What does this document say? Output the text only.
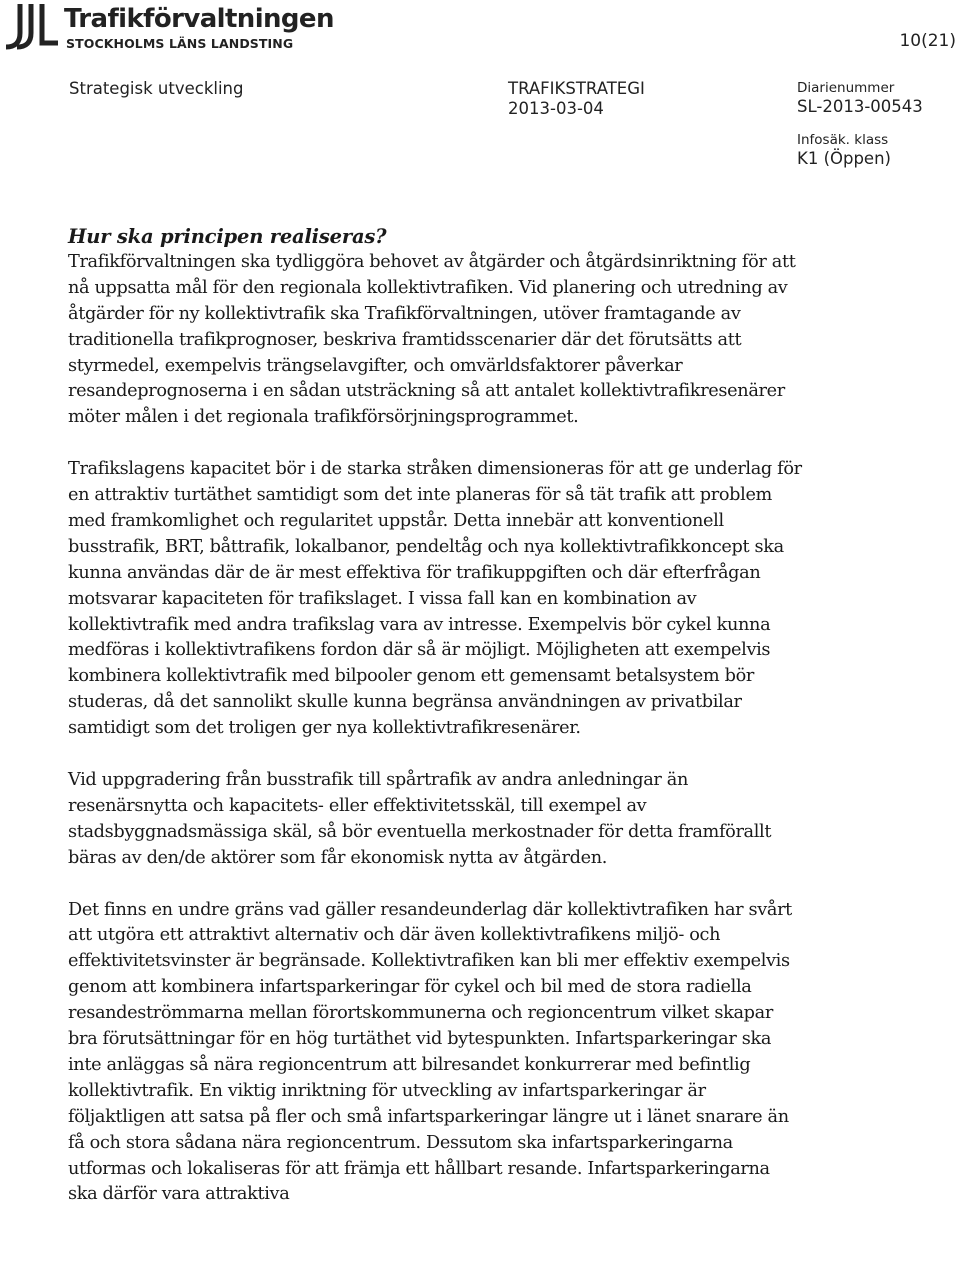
Trafikförvaltningen
STOCKHOLMS LÄNS LANDSTING	10(21)
Strategisk utveckling	TRAFIKSTRATEGI
2013-03-04
Diarienummer
SL-2013-00543
Infosäk. klass
K1 (Öppen)
Hur ska principen realiseras?

Trafikförvaltningen ska tydliggöra behovet av åtgärder och åtgärdsinriktning för att nå uppsatta mål för den regionala kollektivtrafiken. Vid planering och utredning av åtgärder för ny kollektivtrafik ska Trafikförvaltningen, utöver framtagande av traditionella trafikprognoser, beskriva framtidsscenarier där det förutsätts att styrmedel, exempelvis trängselavgifter, och omvärldsfaktorer påverkar resandeprognoserna i en sådan utsträckning så att antalet kollektivtrafikresenärer möter målen i det regionala trafikförsörjningsprogrammet.

Trafikslagens kapacitet bör i de starka stråken dimensioneras för att ge underlag för en attraktiv turtäthet samtidigt som det inte planeras för så tät trafik att problem med framkomlighet och regularitet uppstår. Detta innebär att konventionell busstrafik, BRT, båttrafik, lokalbanor, pendeltåg och nya kollektivtrafikkoncept ska kunna användas där de är mest effektiva för trafikuppgiften och där efterfrågan motsvarar kapaciteten för trafikslaget. I vissa fall kan en kombination av kollektivtrafik med andra trafikslag vara av intresse. Exempelvis bör cykel kunna medföras i kollektivtrafikens fordon där så är möjligt. Möjligheten att exempelvis kombinera kollektivtrafik med bilpooler genom ett gemensamt betalsystem bör studeras, då det sannolikt skulle kunna begränsa användningen av privatbilar samtidigt som det troligen ger nya kollektivtrafikresenärer.

Vid uppgradering från busstrafik till spårtrafik av andra anledningar än resenärsnytta och kapacitets- eller effektivitetsskäl, till exempel av stadsbyggnadsmässiga skäl, så bör eventuella merkostnader för detta framförallt bäras av den/de aktörer som får ekonomisk nytta av åtgärden.

Det finns en undre gräns vad gäller resandeunderlag där kollektivtrafiken har svårt att utgöra ett attraktivt alternativ och där även kollektivtrafikens miljö- och effektivitetsvinster är begränsade. Kollektivtrafiken kan bli mer effektiv exempelvis genom att kombinera infartsparkeringar för cykel och bil med de stora radiella resandeströmmarna mellan förortskommunerna och regioncentrum vilket skapar bra förutsättningar för en hög turtäthet vid bytespunkten. Infartsparkeringar ska inte anläggas så nära regioncentrum att bilresandet konkurrerar med befintlig kollektivtrafik. En viktig inriktning för utveckling av infartsparkeringar är följaktligen att satsa på fler och små infartsparkeringar längre ut i länet snarare än få och stora sådana nära regioncentrum. Dessutom ska infartsparkeringarna utformas och lokaliseras för att främja ett hållbart resande. Infartsparkeringarna ska därför vara attraktiva
